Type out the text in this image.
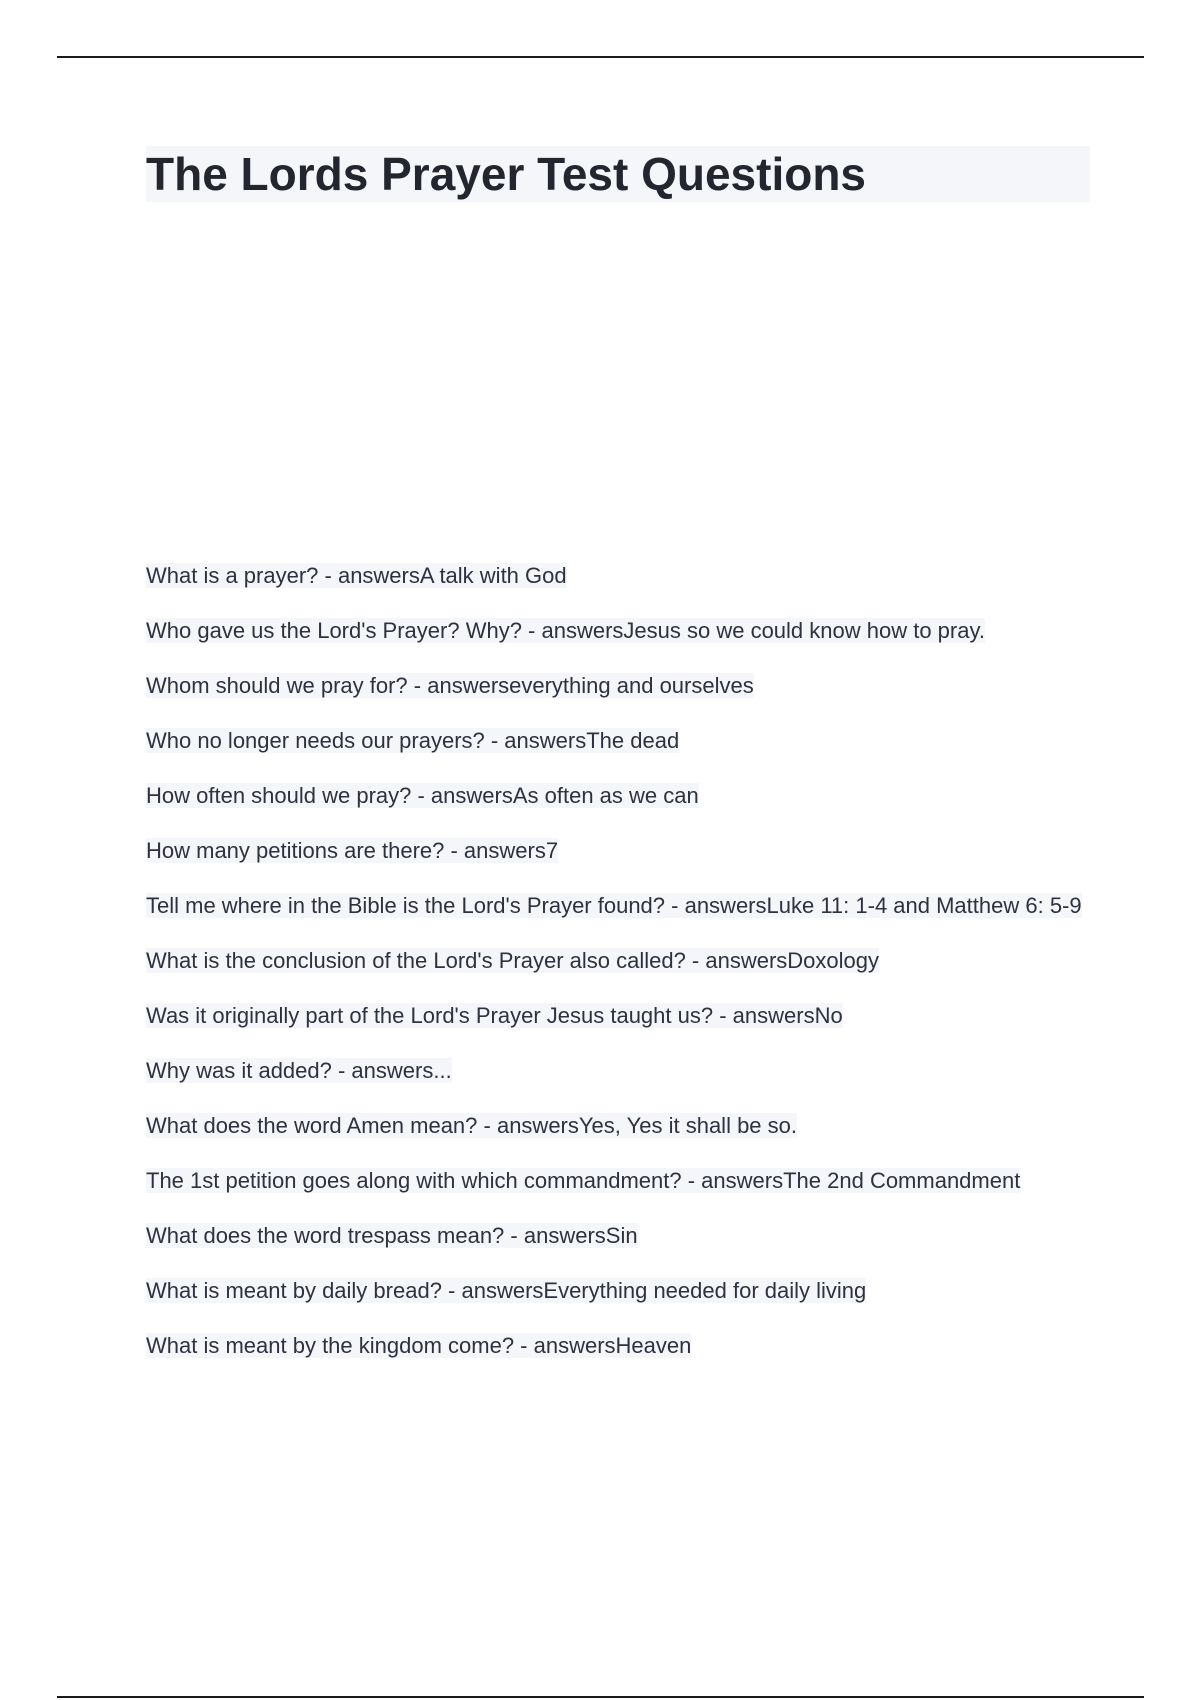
The Lords Prayer Test Questions
What is a prayer? - answersA talk with God
Who gave us the Lord's Prayer? Why? - answersJesus so we could know how to pray.
Whom should we pray for? - answerseverything and ourselves
Who no longer needs our prayers? - answersThe dead
How often should we pray? - answersAs often as we can
How many petitions are there? - answers7
Tell me where in the Bible is the Lord's Prayer found? - answersLuke 11: 1-4 and Matthew 6: 5-9
What is the conclusion of the Lord's Prayer also called? - answersDoxology
Was it originally part of the Lord's Prayer Jesus taught us? - answersNo
Why was it added? - answers...
What does the word Amen mean? - answersYes, Yes it shall be so.
The 1st petition goes along with which commandment? - answersThe 2nd Commandment
What does the word trespass mean? - answersSin
What is meant by daily bread? - answersEverything needed for daily living
What is meant by the kingdom come? - answersHeaven
